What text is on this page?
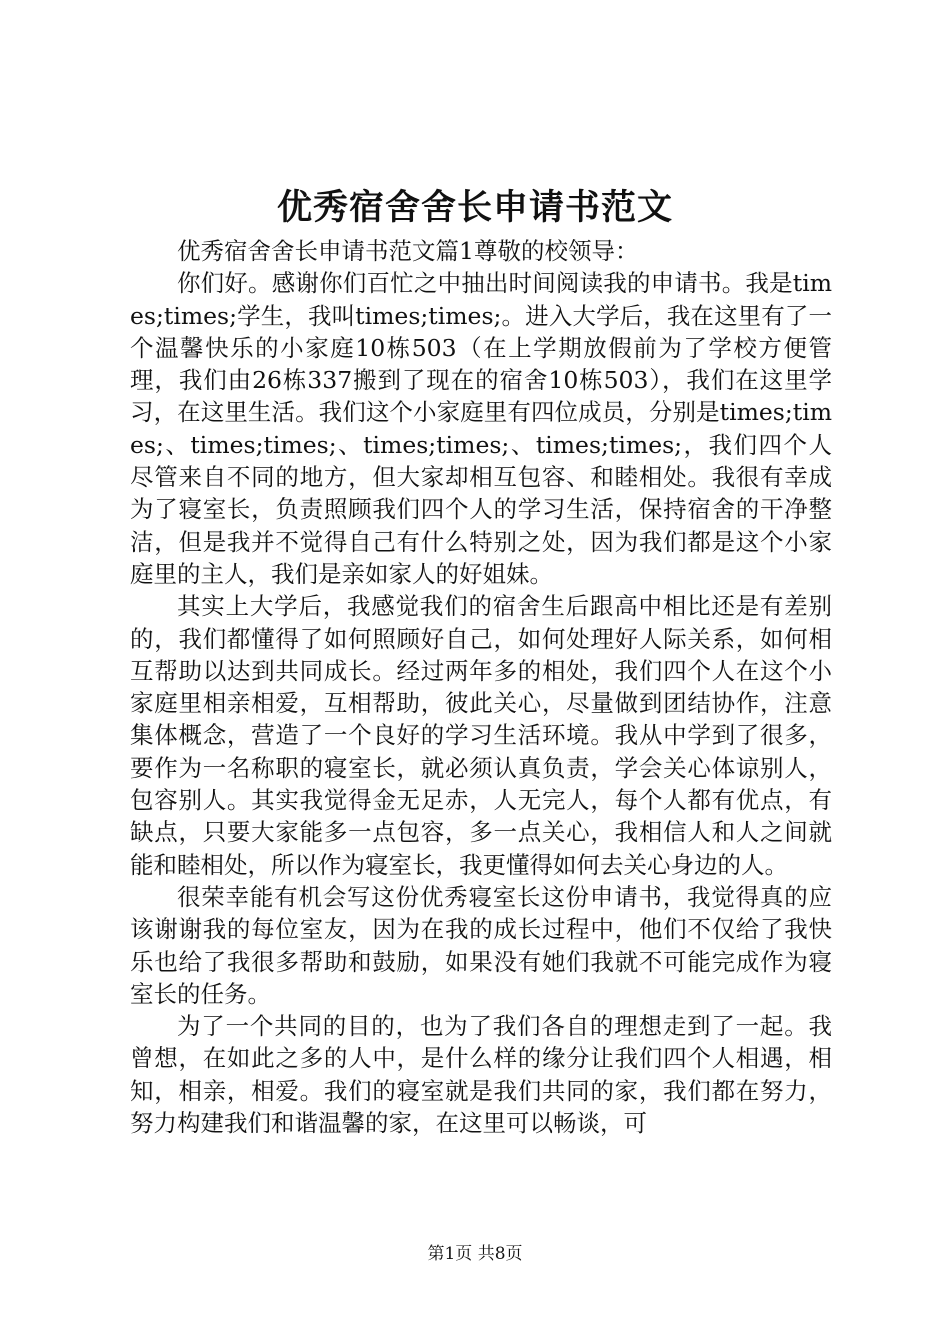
优秀宿舍舍长申请书范文

优秀宿舍舍长申请书范文篇1尊敬的校领导：

你们好。感谢你们百忙之中抽出时间阅读我的申请书。我是times;times;学生，我叫times;times;。进入大学后，我在这里有了一个温馨快乐的小家庭10栋503（在上学期放假前为了学校方便管理，我们由26栋337搬到了现在的宿舍10栋503），我们在这里学习，在这里生活。我们这个小家庭里有四位成员，分别是times;times;、times;times;、times;times;、times;times;，我们四个人尽管来自不同的地方，但大家却相互包容、和睦相处。我很有幸成为了寝室长，负责照顾我们四个人的学习生活，保持宿舍的干净整洁，但是我并不觉得自己有什么特别之处，因为我们都是这个小家庭里的主人，我们是亲如家人的好姐妹。

其实上大学后，我感觉我们的宿舍生后跟高中相比还是有差别的，我们都懂得了如何照顾好自己，如何处理好人际关系，如何相互帮助以达到共同成长。经过两年多的相处，我们四个人在这个小家庭里相亲相爱，互相帮助，彼此关心，尽量做到团结协作，注意集体概念，营造了一个良好的学习生活环境。我从中学到了很多，要作为一名称职的寝室长，就必须认真负责，学会关心体谅别人，包容别人。其实我觉得金无足赤，人无完人，每个人都有优点，有缺点，只要大家能多一点包容，多一点关心，我相信人和人之间就能和睦相处，所以作为寝室长，我更懂得如何去关心身边的人。

很荣幸能有机会写这份优秀寝室长这份申请书，我觉得真的应该谢谢我的每位室友，因为在我的成长过程中，他们不仅给了我快乐也给了我很多帮助和鼓励，如果没有她们我就不可能完成作为寝室长的任务。

为了一个共同的目的，也为了我们各自的理想走到了一起。我曾想，在如此之多的人中，是什么样的缘分让我们四个人相遇，相知，相亲，相爱。我们的寝室就是我们共同的家，我们都在努力，努力构建我们和谐温馨的家，在这里可以畅谈，可

第1页 共8页
